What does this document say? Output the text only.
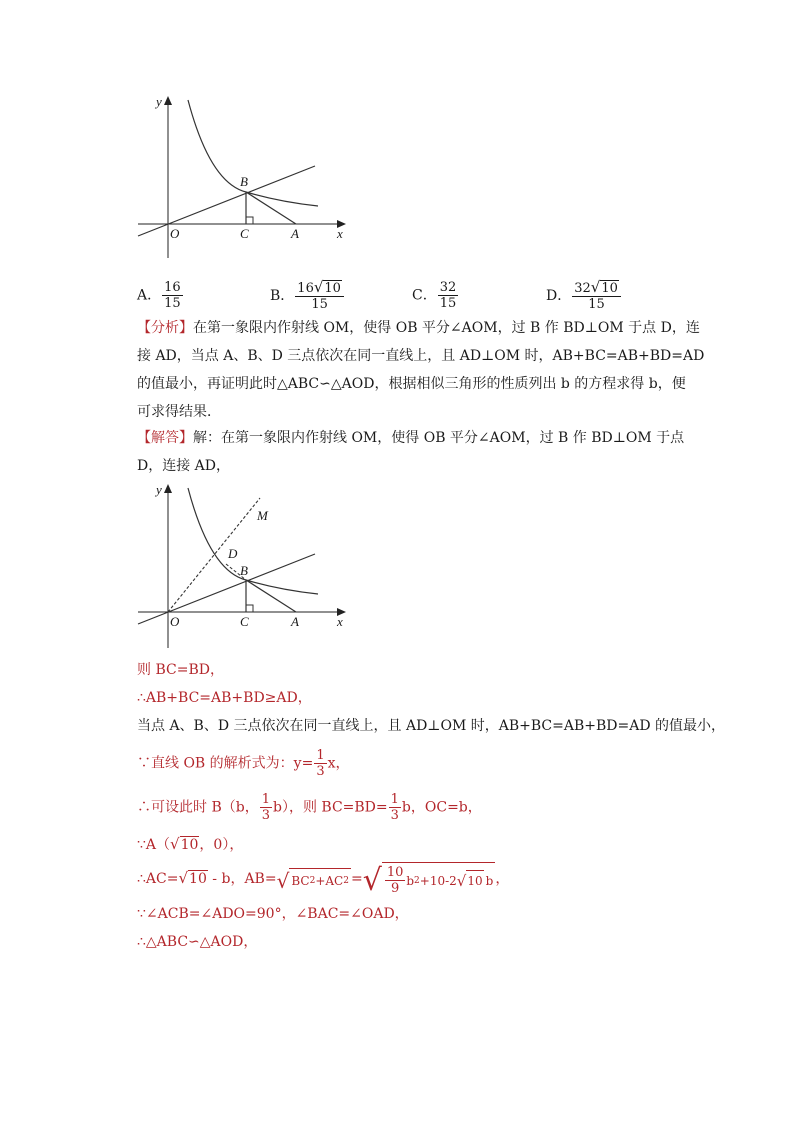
y
x
O
B
C	A
A． $\frac{16}{15}$	B． $\frac{16√10}{15}$	C． $\frac{32}{15}$	D． $\frac{32√10}{15}$
【分析】在第一象限内作射线 OM，使得 OB 平分∠AOM，过 B 作 BD⊥OM 于点 D，连
接 AD，当点 A、B、D 三点依次在同一直线上，且 AD⊥OM 时，AB+BC=AB+BD=AD
的值最小，再证明此时△ABC∽△AOD，根据相似三角形的性质列出 b 的方程求得 b，便
可求得结果．
【解答】解：在第一象限内作射线 OM，使得 OB 平分∠AOM，过 B 作 BD⊥OM 于点
D，连接 AD，
y
x
O
M
D
B
C	A
则 BC=BD，
∴AB+BC=AB+BD≥AD，
当点 A、B、D 三点依次在同一直线上，且 AD⊥OM 时，AB+BC=AB+BD=AD 的值最小，
∵直线 OB 的解析式为：$y= \frac{1}{3}$ x，
∴可设此时 B（b， $\frac{1}{3} b$），则 $BC=BD= \frac{1}{3}$ b，OC=b，
∵A（√10，0），
∴AC=√10 - b，AB= √ BC 2 +AC 2 = √ $\frac{10}{9}$ b 2 +10-2 √ 10 b ，
∵∠ACB=∠ADO=90°，∠BAC=∠OAD，
∴△ABC∽△AOD，
